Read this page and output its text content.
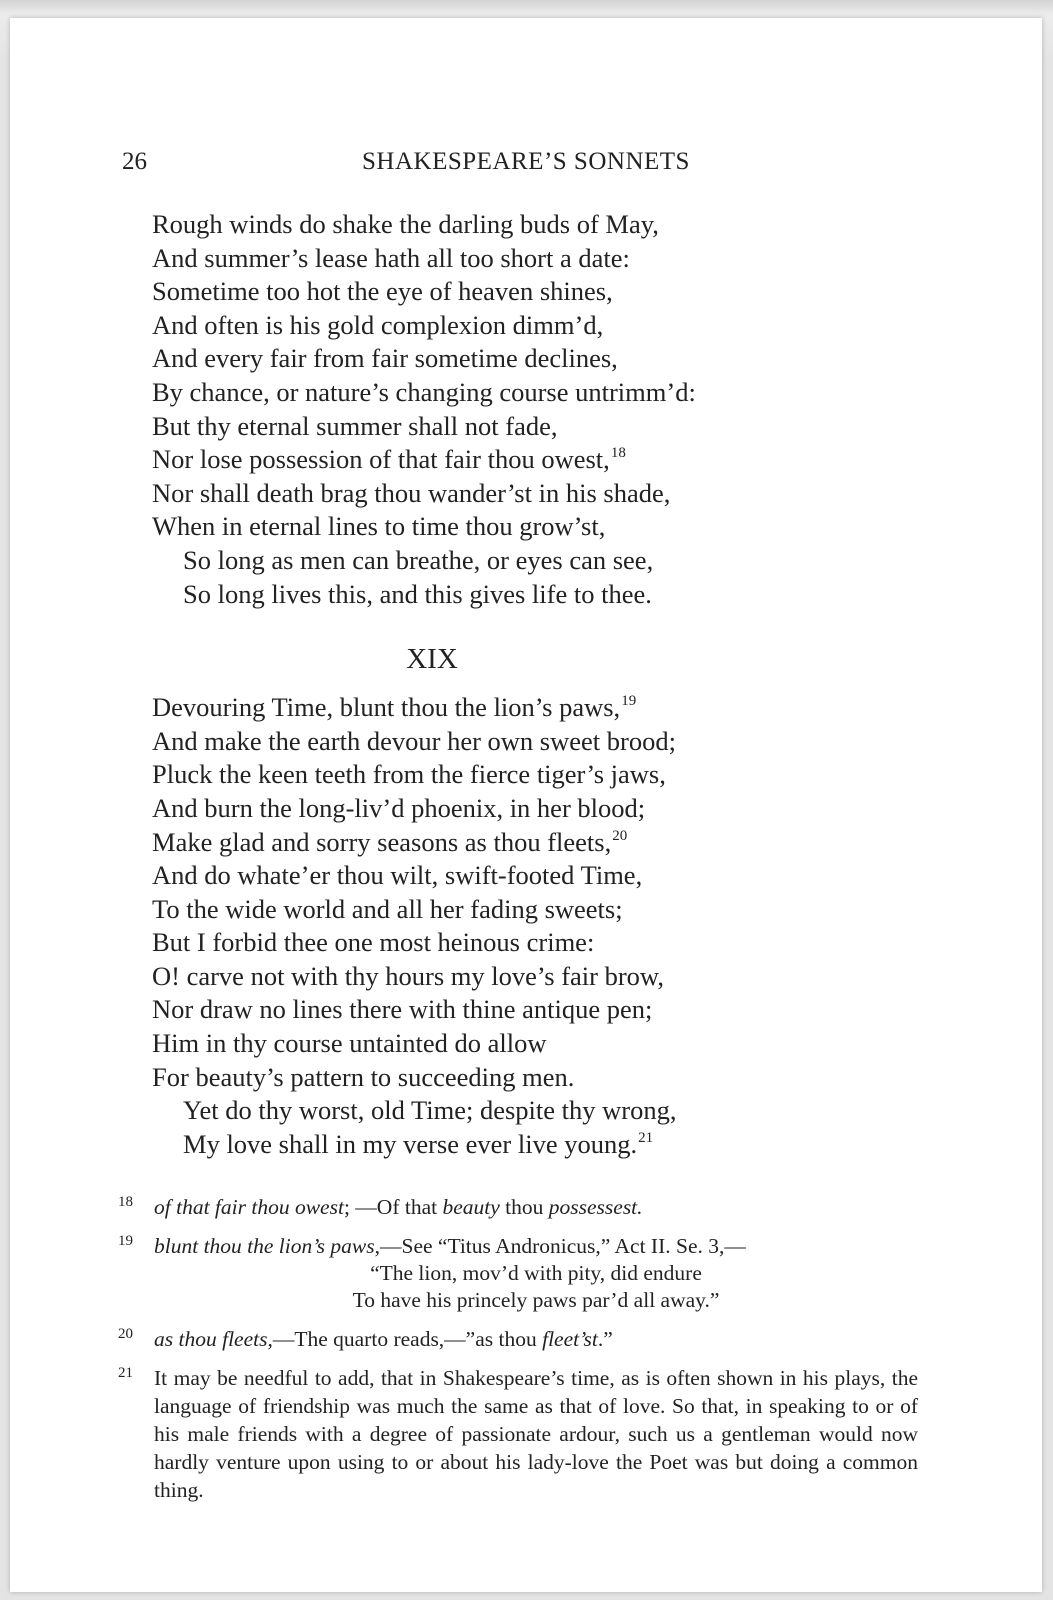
26	SHAKESPEARE’S SONNETS
Rough winds do shake the darling buds of May,
And summer’s lease hath all too short a date:
Sometime too hot the eye of heaven shines,
And often is his gold complexion dimm’d,
And every fair from fair sometime declines,
By chance, or nature’s changing course untrimm’d:
But thy eternal summer shall not fade,
Nor lose possession of that fair thou owest,$^{18}$
Nor shall death brag thou wander’st in his shade,
When in eternal lines to time thou grow’st,
So long as men can breathe, or eyes can see,
So long lives this, and this gives life to thee.
XIX
Devouring Time, blunt thou the lion’s paws,$^{19}$
And make the earth devour her own sweet brood;
Pluck the keen teeth from the fierce tiger’s jaws,
And burn the long-liv’d phoenix, in her blood;
Make glad and sorry seasons as thou fleets,$^{20}$
And do whate’er thou wilt, swift-footed Time,
To the wide world and all her fading sweets;
But I forbid thee one most heinous crime:
O! carve not with thy hours my love’s fair brow,
Nor draw no lines there with thine antique pen;
Him in thy course untainted do allow
For beauty’s pattern to succeeding men.
Yet do thy worst, old Time; despite thy wrong,
My love shall in my verse ever live young.$^{21}$
18 of that fair thou owest; —Of that beauty thou possessest.
19 blunt thou the lion’s paws,—See “Titus Andronicus,” Act II. Se. 3,—
“The lion, mov’d with pity, did endure
To have his princely paws par’d all away.”
20 as thou fleets,—The quarto reads,—”as thou fleet’st.”
21 It may be needful to add, that in Shakespeare’s time, as is often shown in his plays, the language of friendship was much the same as that of love. So that, in speaking to or of his male friends with a degree of passionate ardour, such us a gentleman would now hardly venture upon using to or about his lady-love the Poet was but doing a common thing.
